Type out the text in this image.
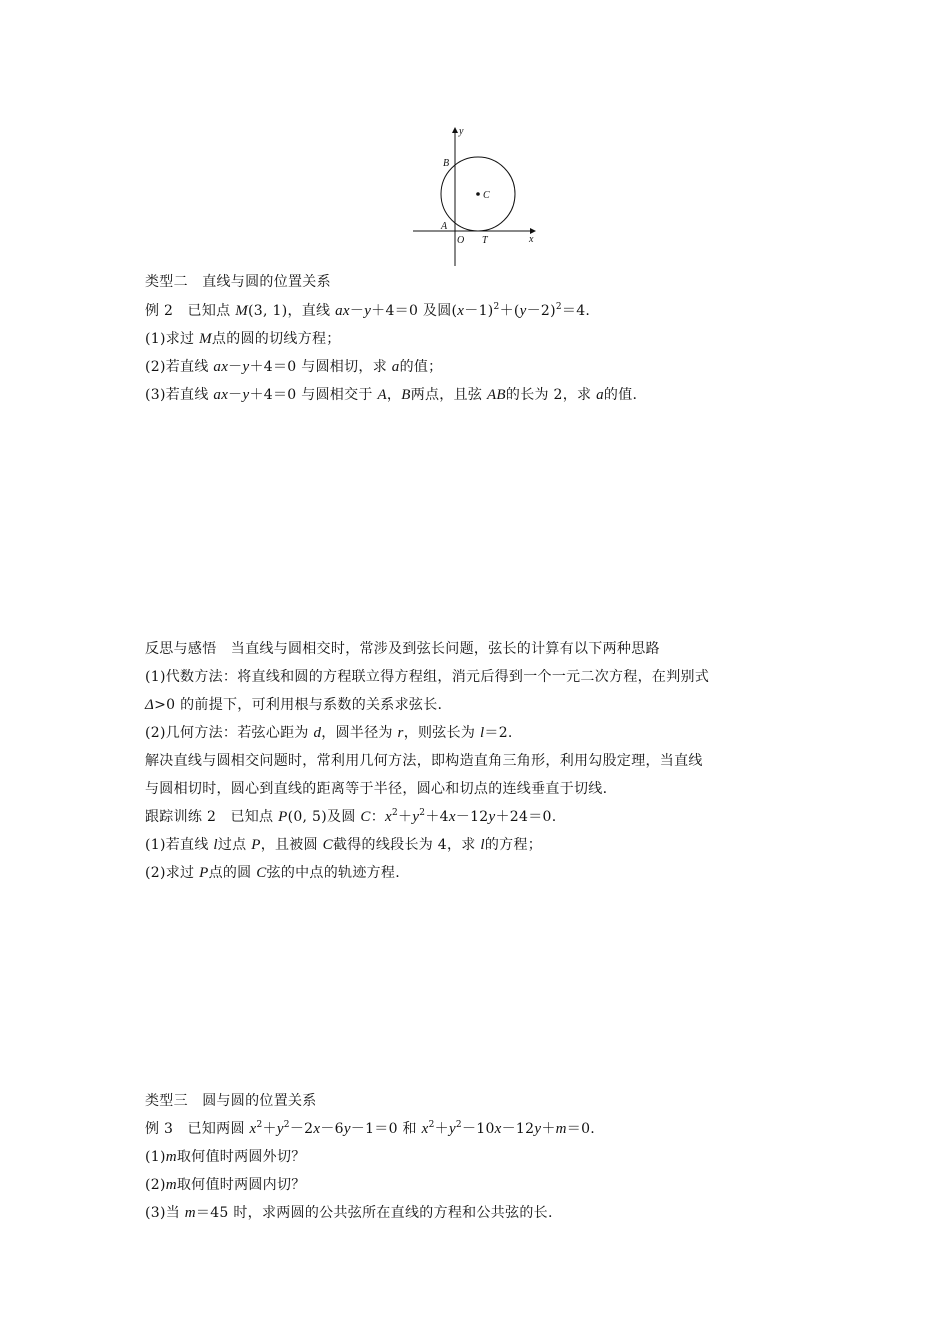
y
x
B
C
A
O T
类型二　直线与圆的位置关系
例 2　已知点 M(3, 1)，直线 ax－y＋4＝0 及圆$(x-1)^2+(y-2)^2=4$.
(1)求过 M点的圆的切线方程；
(2)若直线 ax－y＋4＝0 与圆相切，求 a的值；
(3)若直线 ax－y＋4＝0 与圆相交于 A，B两点，且弦 AB的长为 2，求 a的值.
反思与感悟　当直线与圆相交时，常涉及到弦长问题，弦长的计算有以下两种思路
(1)代数方法：将直线和圆的方程联立得方程组，消元后得到一个一元二次方程，在判别式
Δ>0 的前提下，可利用根与系数的关系求弦长.
(2)几何方法：若弦心距为 d，圆半径为 r，则弦长为 l＝2.
解决直线与圆相交问题时，常利用几何方法，即构造直角三角形，利用勾股定理，当直线
与圆相切时，圆心到直线的距离等于半径，圆心和切点的连线垂直于切线.
跟踪训练 2　已知点 P(0, 5)及圆 C：$x^2+y^2+4x-12y+24=0$.
(1)若直线 l过点 P，且被圆 C截得的线段长为 4，求 l的方程；
(2)求过 P点的圆 C弦的中点的轨迹方程.
类型三　圆与圆的位置关系
例 3　已知两圆 $x^2+y^2-2x-6y-1=0$ 和 $x^2+y^2-10x-12y+m=0$.
(1)m取何值时两圆外切？
(2)m取何值时两圆内切？
(3)当 m＝45 时，求两圆的公共弦所在直线的方程和公共弦的长.
